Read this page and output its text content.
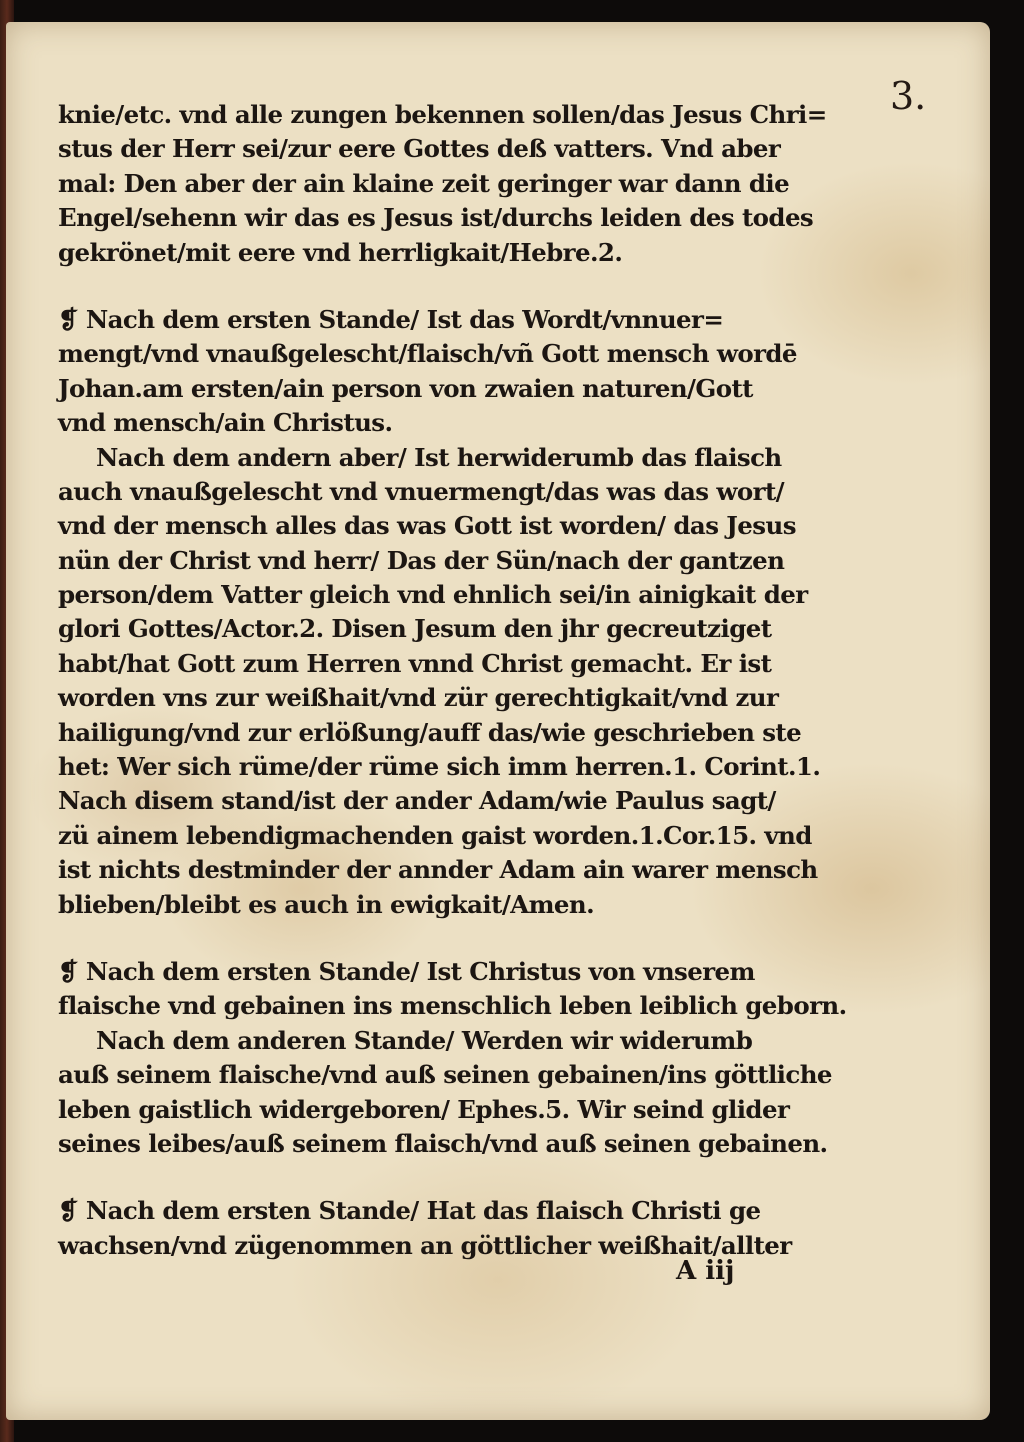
3.
knie/etc. vnd alle zungen bekennen sollen/das Jesus Chri=
stus der Herr sei/zur eere Gottes deß vatters. Vnd aber
mal: Den aber der ain klaine zeit geringer war dann die
Engel/sehenn wir das es Jesus ist/durchs leiden des todes
gekrönet/mit eere vnd herrligkait/Hebre.2.
❡ Nach dem ersten Stande/ Ist das Wordt/vnnuer=
mengt/vnd vnaußgelescht/flaisch/vñ Gott mensch wordē
Johan.am ersten/ain person von zwaien naturen/Gott
vnd mensch/ain Christus.
Nach dem andern aber/ Ist herwiderumb das flaisch
auch vnaußgelescht vnd vnuermengt/das was das wort/
vnd der mensch alles das was Gott ist worden/ das Jesus
nün der Christ vnd herr/ Das der Sün/nach der gantzen
person/dem Vatter gleich vnd ehnlich sei/in ainigkait der
glori Gottes/Actor.2. Disen Jesum den jhr gecreutziget
habt/hat Gott zum Herren vnnd Christ gemacht. Er ist
worden vns zur weißhait/vnd zür gerechtigkait/vnd zur
hailigung/vnd zur erlößung/auff das/wie geschrieben ste
het: Wer sich rüme/der rüme sich imm herren.1. Corint.1.
Nach disem stand/ist der ander Adam/wie Paulus sagt/
zü ainem lebendigmachenden gaist worden.1.Cor.15. vnd
ist nichts destminder der annder Adam ain warer mensch
blieben/bleibt es auch in ewigkait/Amen.
❡ Nach dem ersten Stande/ Ist Christus von vnserem
flaische vnd gebainen ins menschlich leben leiblich geborn.
Nach dem anderen Stande/ Werden wir widerumb
auß seinem flaische/vnd auß seinen gebainen/ins göttliche
leben gaistlich widergeboren/ Ephes.5. Wir seind glider
seines leibes/auß seinem flaisch/vnd auß seinen gebainen.
❡ Nach dem ersten Stande/ Hat das flaisch Christi ge
wachsen/vnd zügenommen an göttlicher weißhait/allter
A iij
